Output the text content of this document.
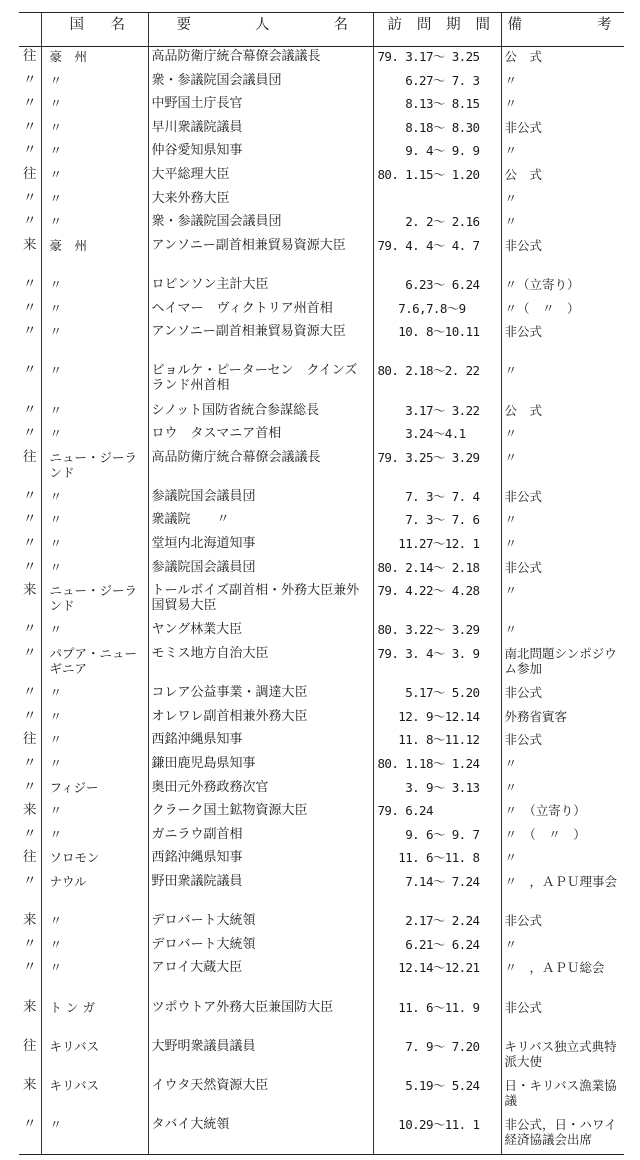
	国名	要人名	訪問期間	備考

往	豪　州	高品防衛庁統合幕僚会議議長	79. 3.17～ 3.25	公　式
〃	〃	衆・参議院国会議員団	6.27～ 7. 3	〃
〃	〃	中野国土庁長官	8.13～ 8.15	〃
〃	〃	早川衆議院議員	8.18～ 8.30	非公式
〃	〃	仲谷愛知県知事	9. 4～ 9. 9	〃
往	〃	大平総理大臣	80. 1.15～ 1.20	公　式
〃	〃	大来外務大臣		〃
〃	〃	衆・参議院国会議員団	2. 2～ 2.16	〃
来	豪　州	アンソニー副首相兼貿易資源大臣	79. 4. 4～ 4. 7	非公式
〃	〃	ロビンソン主計大臣	6.23～ 6.24	〃（立寄り）
〃	〃	ヘイマー　ヴィクトリア州首相	7.6,7.8～9	〃（　〃　）
〃	〃	アンソニー副首相兼貿易資源大臣	10. 8～10.11	非公式
〃	〃	ビョルケ・ピーターセン　クインズランド州首相	80. 2.18～2. 22	〃
〃	〃	シノット国防省統合参謀総長	3.17～ 3.22	公　式
〃	〃	ロウ　タスマニア首相	3.24～4.1	〃
往	ニュー・ジーランド	高品防衛庁統合幕僚会議議長	79. 3.25～ 3.29	〃
〃	〃	参議院国会議員団	7. 3～ 7. 4	非公式
〃	〃	衆議院　　〃	7. 3～ 7. 6	〃
〃	〃	堂垣内北海道知事	11.27～12. 1	〃
〃	〃	参議院国会議員団	80. 2.14～ 2.18	非公式
来	ニュー・ジーランド	トールボイズ副首相・外務大臣兼外国貿易大臣	79. 4.22～ 4.28	〃
〃	〃	ヤング林業大臣	80. 3.22～ 3.29	〃
〃	パプア・ニューギニア	モミス地方自治大臣	79. 3. 4～ 3. 9	南北問題シンポジウム参加
〃	〃	コレア公益事業・調達大臣	5.17～ 5.20	非公式
〃	〃	オレワレ副首相兼外務大臣	12. 9～12.14	外務省賓客
往	〃	西銘沖縄県知事	11. 8～11.12	非公式
〃	〃	鎌田鹿児島県知事	80. 1.18～ 1.24	〃
〃	フィジー	奥田元外務政務次官	3. 9～ 3.13	〃
来	〃	クラーク国土鉱物資源大臣	79. 6.24	〃　（立寄り）
〃	〃	ガニラウ副首相	9. 6～ 9. 7	〃　（　〃　）
往	ソロモン	西銘沖縄県知事	11. 6～11. 8	〃
〃	ナウル	野田衆議院議員	7.14～ 7.24	〃　，ＡＰＵ理事会
来	〃	デロバート大統領	2.17～ 2.24	非公式
〃	〃	デロバート大統領	6.21～ 6.24	〃
〃	〃	アロイ大蔵大臣	12.14～12.21	〃　，ＡＰＵ総会
来	ト ン ガ	ツポウトア外務大臣兼国防大臣	11. 6～11. 9	非公式
往	キリバス	大野明衆議員議員	7. 9～ 7.20	キリバス独立式典特派大使
来	キリバス	イウタ天然資源大臣	5.19～ 5.24	日・キリバス漁業協議
〃	〃	タバイ大統領	10.29～11. 1	非公式，日・ハワイ経済協議会出席
